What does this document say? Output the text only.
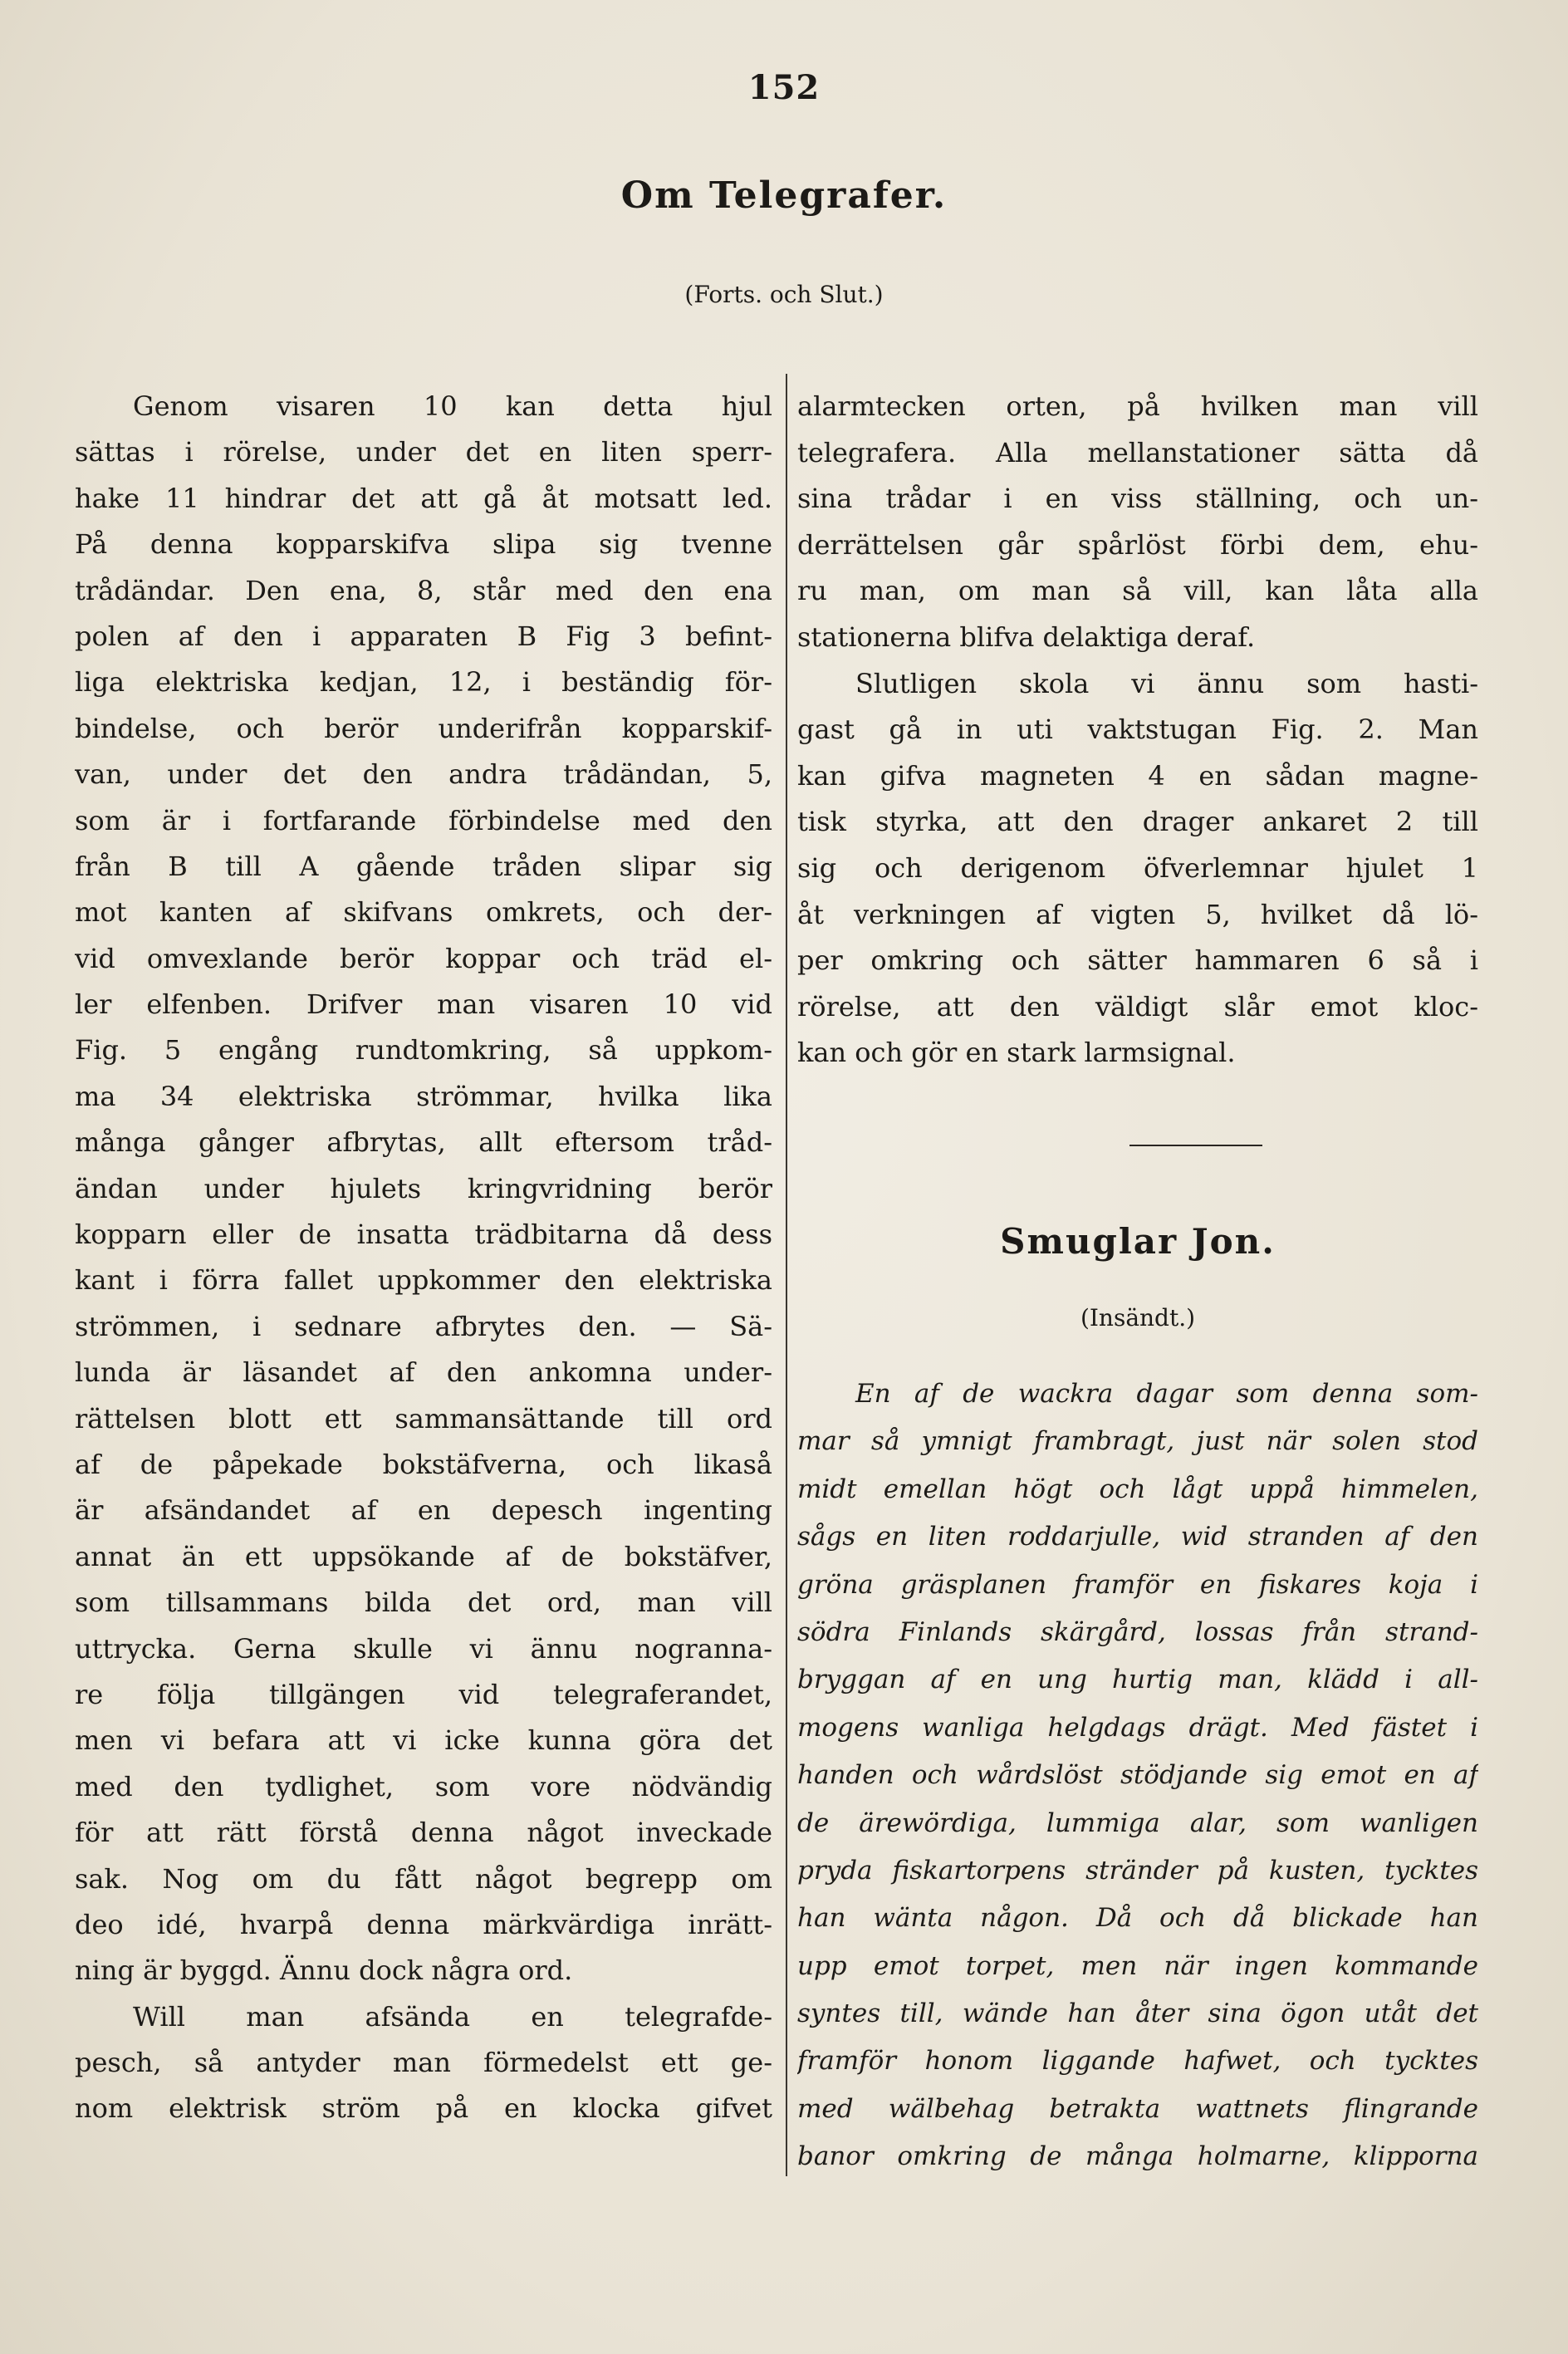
152
Om Telegrafer.
(Forts. och Slut.)
Genom visaren 10 kan detta hjul
sättas i rörelse, under det en liten sperr-
hake 11 hindrar det att gå åt motsatt led.
På denna kopparskifva slipa sig tvenne
trådändar. Den ena, 8, står med den ena
polen af den i apparaten B Fig 3 befint-
liga elektriska kedjan, 12, i beständig för-
bindelse, och berör underifrån kopparskif-
van, under det den andra trådändan, 5,
som är i fortfarande förbindelse med den
från B till A gående tråden slipar sig
mot kanten af skifvans omkrets, och der-
vid omvexlande berör koppar och träd el-
ler elfenben. Drifver man visaren 10 vid
Fig. 5 engång rundtomkring, så uppkom-
ma 34 elektriska strömmar, hvilka lika
många gånger afbrytas, allt eftersom tråd-
ändan under hjulets kringvridning berör
kopparn eller de insatta trädbitarna då dess
kant i förra fallet uppkommer den elektriska
strömmen, i sednare afbrytes den. — Sä-
lunda är läsandet af den ankomna under-
rättelsen blott ett sammansättande till ord
af de påpekade bokstäfverna, och likaså
är afsändandet af en depesch ingenting
annat än ett uppsökande af de bokstäfver,
som tillsammans bilda det ord, man vill
uttrycka. Gerna skulle vi ännu nogranna-
re följa tillgängen vid telegraferandet,
men vi befara att vi icke kunna göra det
med den tydlighet, som vore nödvändig
för att rätt förstå denna något inveckade
sak. Nog om du fått något begrepp om
deo idé, hvarpå denna märkvärdiga inrätt-
ning är byggd. Ännu dock några ord.
Will man afsända en telegrafde-
pesch, så antyder man förmedelst ett ge-
nom elektrisk ström på en klocka gifvet
alarmtecken orten, på hvilken man vill
telegrafera. Alla mellanstationer sätta då
sina trådar i en viss ställning, och un-
derrättelsen går spårlöst förbi dem, ehu-
ru man, om man så vill, kan låta alla
stationerna blifva delaktiga deraf.
Slutligen skola vi ännu som hasti-
gast gå in uti vaktstugan Fig. 2. Man
kan gifva magneten 4 en sådan magne-
tisk styrka, att den drager ankaret 2 till
sig och derigenom öfverlemnar hjulet 1
åt verkningen af vigten 5, hvilket då lö-
per omkring och sätter hammaren 6 så i
rörelse, att den väldigt slår emot kloc-
kan och gör en stark larmsignal.
Smuglar Jon.
(Insändt.)
En af de wackra dagar som denna som-
mar så ymnigt frambragt, just när solen stod
midt emellan högt och lågt uppå himmelen,
sågs en liten roddarjulle, wid stranden af den
gröna gräsplanen framför en fiskares koja i
södra Finlands skärgård, lossas från strand-
bryggan af en ung hurtig man, klädd i all-
mogens wanliga helgdags drägt. Med fästet i
handen och wårdslöst stödjande sig emot en af
de ärewördiga, lummiga alar, som wanligen
pryda fiskartorpens stränder på kusten, tycktes
han wänta någon. Då och då blickade han
upp emot torpet, men när ingen kommande
syntes till, wände han åter sina ögon utåt det
framför honom liggande hafwet, och tycktes
med wälbehag betrakta wattnets flingrande
banor omkring de många holmarne, klipporna
